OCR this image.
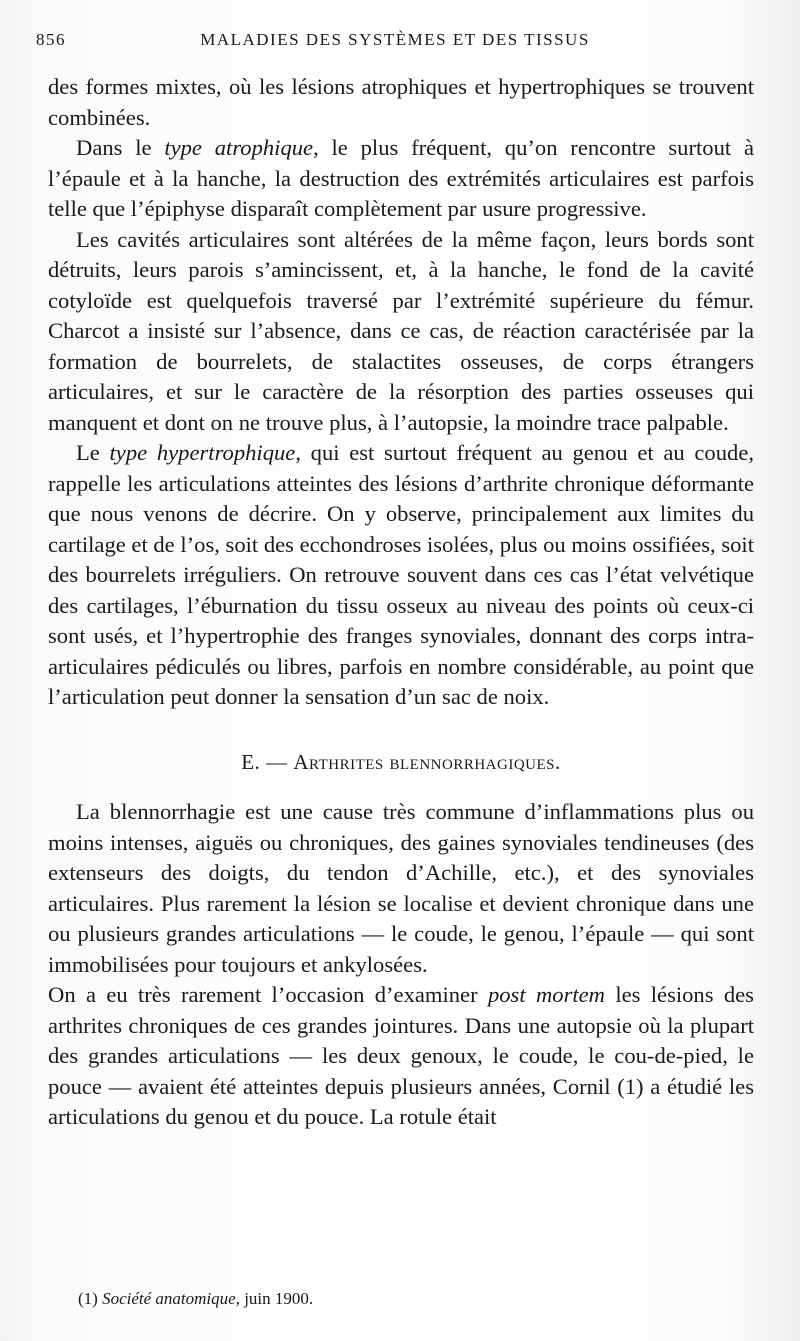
856	MALADIES DES SYSTÈMES ET DES TISSUS

des formes mixtes, où les lésions atrophiques et hypertrophiques se trouvent combinées.

Dans le type atrophique, le plus fréquent, qu’on rencontre surtout à l’épaule et à la hanche, la destruction des extrémités articulaires est parfois telle que l’épiphyse disparaît complètement par usure progressive.

Les cavités articulaires sont altérées de la même façon, leurs bords sont détruits, leurs parois s’amincissent, et, à la hanche, le fond de la cavité cotyloïde est quelquefois traversé par l’extrémité supérieure du fémur. Charcot a insisté sur l’absence, dans ce cas, de réaction caractérisée par la formation de bourrelets, de stalactites osseuses, de corps étrangers articulaires, et sur le caractère de la résorption des parties osseuses qui manquent et dont on ne trouve plus, à l’autopsie, la moindre trace palpable.

Le type hypertrophique, qui est surtout fréquent au genou et au coude, rappelle les articulations atteintes des lésions d’arthrite chronique déformante que nous venons de décrire. On y observe, principalement aux limites du cartilage et de l’os, soit des ecchondroses isolées, plus ou moins ossifiées, soit des bourrelets irréguliers. On retrouve souvent dans ces cas l’état velvétique des cartilages, l’éburnation du tissu osseux au niveau des points où ceux-ci sont usés, et l’hypertrophie des franges synoviales, donnant des corps intra-articulaires pédiculés ou libres, parfois en nombre considérable, au point que l’articulation peut donner la sensation d’un sac de noix.

E. — Arthrites blennorrhagiques.

La blennorrhagie est une cause très commune d’inflammations plus ou moins intenses, aiguës ou chroniques, des gaines synoviales tendineuses (des extenseurs des doigts, du tendon d’Achille, etc.), et des synoviales articulaires. Plus rarement la lésion se localise et devient chronique dans une ou plusieurs grandes articulations — le coude, le genou, l’épaule — qui sont immobilisées pour toujours et ankylosées.

On a eu très rarement l’occasion d’examiner post mortem les lésions des arthrites chroniques de ces grandes jointures. Dans une autopsie où la plupart des grandes articulations — les deux genoux, le coude, le cou-de-pied, le pouce — avaient été atteintes depuis plusieurs années, Cornil (1) a étudié les articulations du genou et du pouce. La rotule était

(1) Société anatomique, juin 1900.
